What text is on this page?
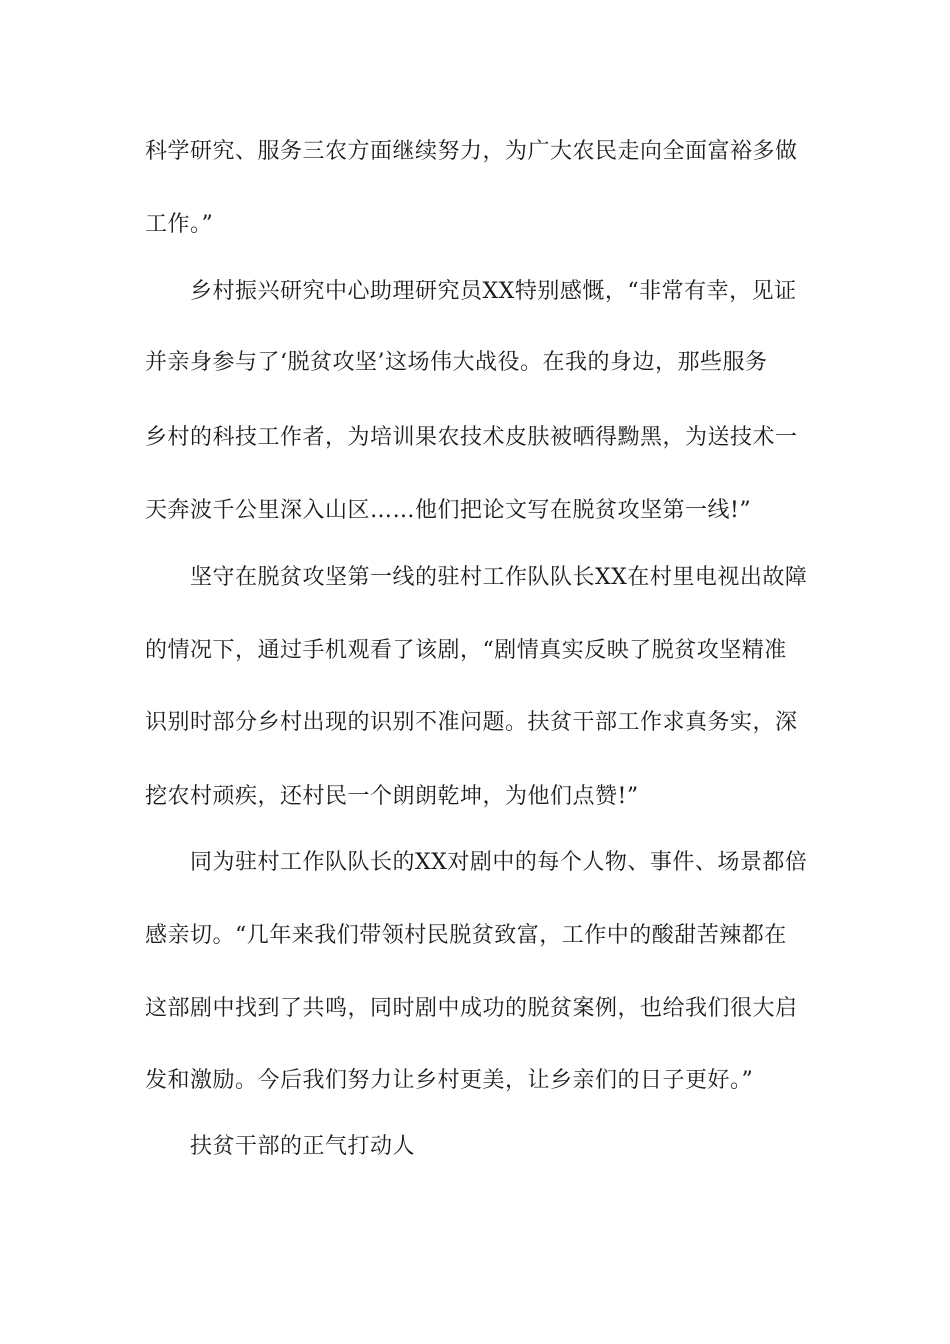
科学研究、服务三农方面继续努力，为广大农民走向全面富裕多做
工作。”
乡村振兴研究中心助理研究员XX特别感慨，“非常有幸，见证
并亲身参与了‘脱贫攻坚’这场伟大战役。在我的身边，那些服务
乡村的科技工作者，为培训果农技术皮肤被晒得黝黑，为送技术一
天奔波千公里深入山区……他们把论文写在脱贫攻坚第一线!”
坚守在脱贫攻坚第一线的驻村工作队队长XX在村里电视出故障
的情况下，通过手机观看了该剧，“剧情真实反映了脱贫攻坚精准
识别时部分乡村出现的识别不准问题。扶贫干部工作求真务实，深
挖农村顽疾，还村民一个朗朗乾坤，为他们点赞!”
同为驻村工作队队长的XX对剧中的每个人物、事件、场景都倍
感亲切。“几年来我们带领村民脱贫致富，工作中的酸甜苦辣都在
这部剧中找到了共鸣，同时剧中成功的脱贫案例，也给我们很大启
发和激励。今后我们努力让乡村更美，让乡亲们的日子更好。”
扶贫干部的正气打动人
